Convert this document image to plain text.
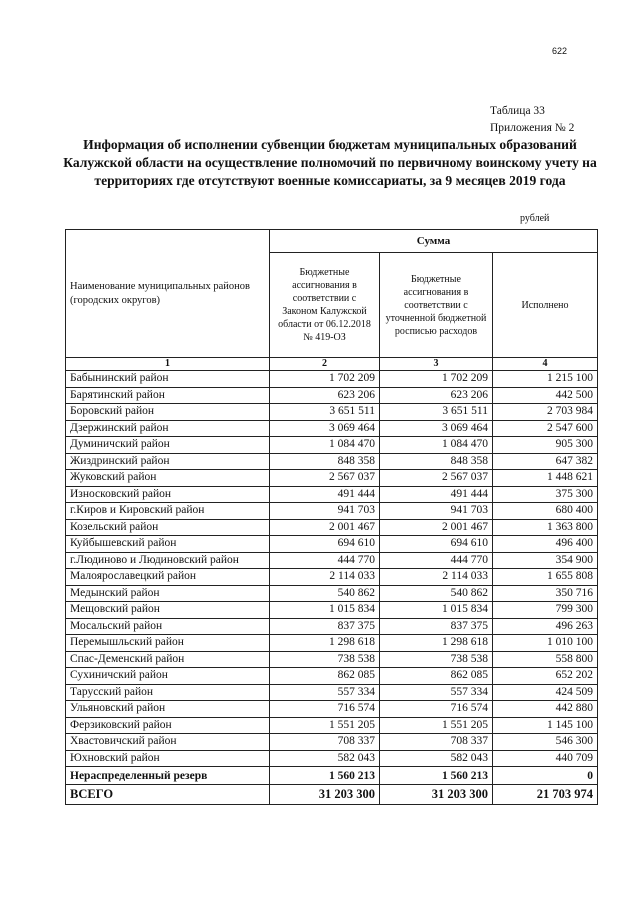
622
Таблица 33
Приложения № 2
Информация об исполнении субвенции бюджетам муниципальных образований Калужской области на осуществление полномочий по первичному воинскому учету на территориях где отсутствуют военные комиссариаты, за 9 месяцев 2019 года
рублей
Наименование муниципальных районов (городских округов)	Сумма		
	Бюджетные ассигнования в соответствии с Законом Калужской области от 06.12.2018 № 419-ОЗ	Бюджетные ассигнования в соответствии с уточненной бюджетной росписью расходов	Исполнено
1	2	3	4
Бабынинский район	1 702 209	1 702 209	1 215 100
Барятинский район	623 206	623 206	442 500
Боровский район	3 651 511	3 651 511	2 703 984
Дзержинский район	3 069 464	3 069 464	2 547 600
Думиничский район	1 084 470	1 084 470	905 300
Жиздринский район	848 358	848 358	647 382
Жуковский район	2 567 037	2 567 037	1 448 621
Износковский район	491 444	491 444	375 300
г.Киров и Кировский район	941 703	941 703	680 400
Козельский район	2 001 467	2 001 467	1 363 800
Куйбышевский район	694 610	694 610	496 400
г.Людиново и Людиновский район	444 770	444 770	354 900
Малоярославецкий район	2 114 033	2 114 033	1 655 808
Медынский район	540 862	540 862	350 716
Мещовский район	1 015 834	1 015 834	799 300
Мосальский район	837 375	837 375	496 263
Перемышльский район	1 298 618	1 298 618	1 010 100
Спас-Деменский район	738 538	738 538	558 800
Сухиничский район	862 085	862 085	652 202
Тарусский район	557 334	557 334	424 509
Ульяновский район	716 574	716 574	442 880
Ферзиковский район	1 551 205	1 551 205	1 145 100
Хвастовичский район	708 337	708 337	546 300
Юхновский район	582 043	582 043	440 709
Нераспределенный резерв	1 560 213	1 560 213	0
ВСЕГО	31 203 300	31 203 300	21 703 974
